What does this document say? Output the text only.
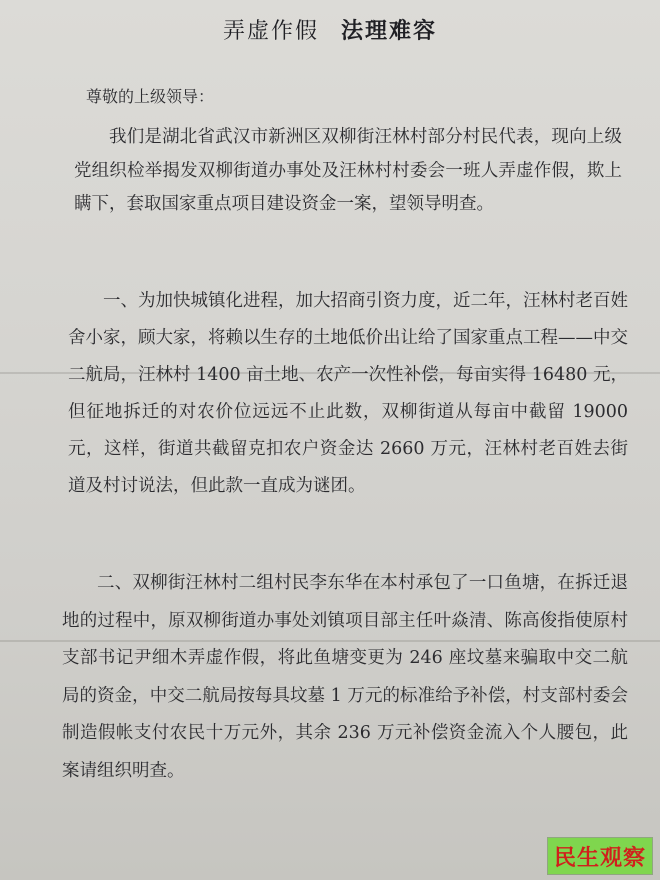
弄虚作假 法理难容
尊敬的上级领导：

我们是湖北省武汉市新洲区双柳街汪林村部分村民代表，现向上级党组织检举揭发双柳街道办事处及汪林村村委会一班人弄虚作假，欺上瞒下，套取国家重点项目建设资金一案，望领导明查。

一、为加快城镇化进程，加大招商引资力度，近二年，汪林村老百姓舍小家，顾大家，将赖以生存的土地低价出让给了国家重点工程——中交二航局，汪林村 1400 亩土地、农产一次性补偿，每亩实得 16480 元，但征地拆迁的对农价位远远不止此数，双柳街道从每亩中截留 19000 元，这样，街道共截留克扣农户资金达 2660 万元，汪林村老百姓去街道及村讨说法，但此款一直成为谜团。

二、双柳街汪林村二组村民李东华在本村承包了一口鱼塘，在拆迁退地的过程中，原双柳街道办事处刘镇项目部主任叶焱清、陈高俊指使原村支部书记尹细木弄虚作假，将此鱼塘变更为 246 座坟墓来骗取中交二航局的资金，中交二航局按每具坟墓 1 万元的标准给予补偿，村支部村委会制造假帐支付农民十万元外，其余 236 万元补偿资金流入个人腰包，此案请组织明查。

民生观察
